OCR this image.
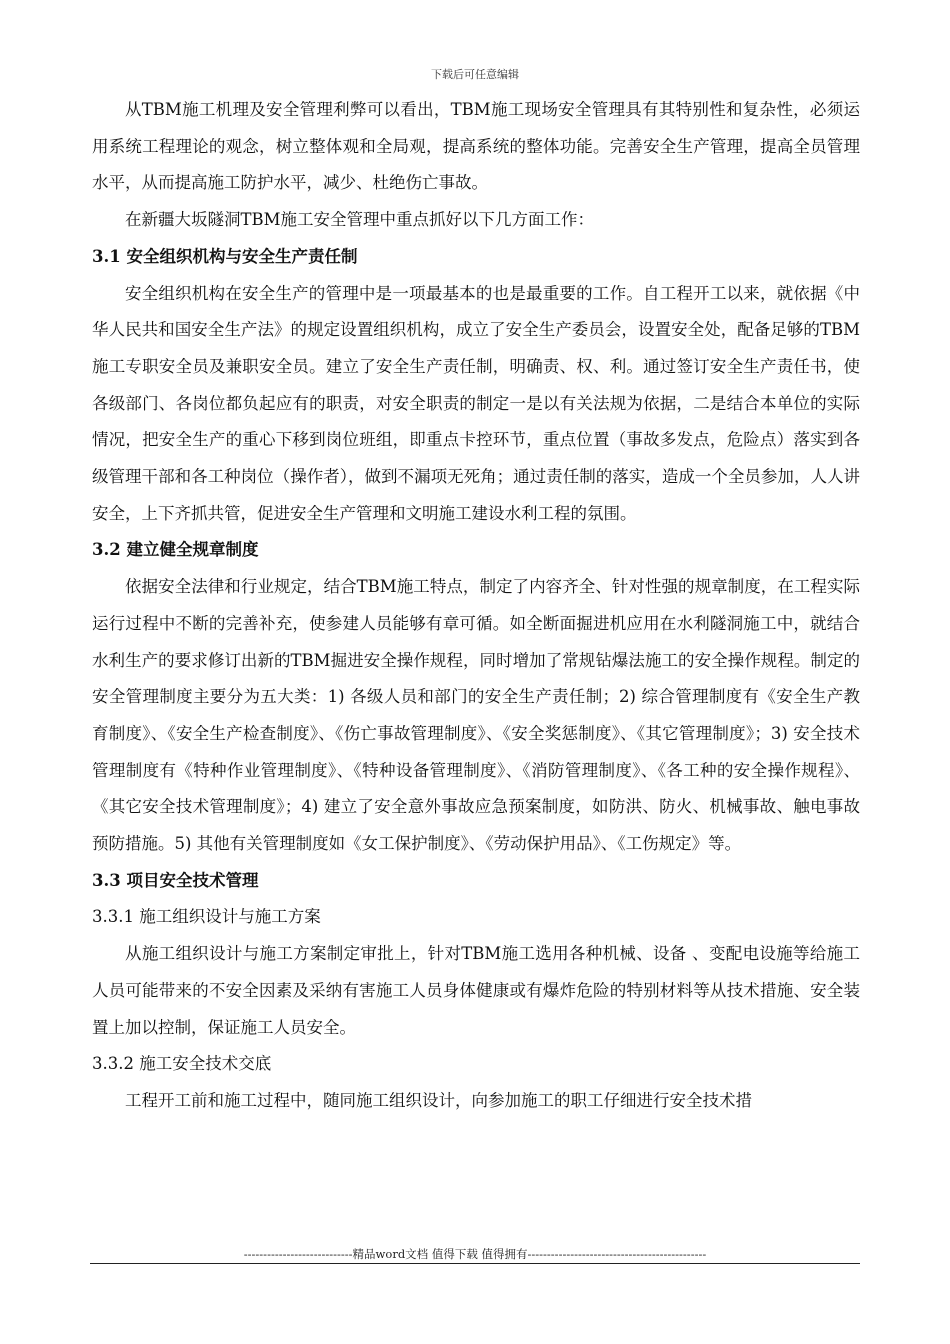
下载后可任意编辑

从TBM施工机理及安全管理利弊可以看出，TBM施工现场安全管理具有其特别性和复杂性，必须运用系统工程理论的观念，树立整体观和全局观，提高系统的整体功能。完善安全生产管理，提高全员管理水平，从而提高施工防护水平，减少、杜绝伤亡事故。

在新疆大坂隧洞TBM施工安全管理中重点抓好以下几方面工作：

3.1 安全组织机构与安全生产责任制

安全组织机构在安全生产的管理中是一项最基本的也是最重要的工作。自工程开工以来，就依据《中华人民共和国安全生产法》的规定设置组织机构，成立了安全生产委员会，设置安全处，配备足够的TBM施工专职安全员及兼职安全员。建立了安全生产责任制，明确责、权、利。通过签订安全生产责任书，使各级部门、各岗位都负起应有的职责，对安全职责的制定一是以有关法规为依据，二是结合本单位的实际情况，把安全生产的重心下移到岗位班组，即重点卡控环节，重点位置（事故多发点，危险点）落实到各级管理干部和各工种岗位（操作者），做到不漏项无死角；通过责任制的落实，造成一个全员参加，人人讲安全，上下齐抓共管，促进安全生产管理和文明施工建设水利工程的氛围。

3.2 建立健全规章制度

依据安全法律和行业规定，结合TBM施工特点，制定了内容齐全、针对性强的规章制度，在工程实际运行过程中不断的完善补充，使参建人员能够有章可循。如全断面掘进机应用在水利隧洞施工中，就结合水利生产的要求修订出新的TBM掘进安全操作规程，同时增加了常规钻爆法施工的安全操作规程。制定的安全管理制度主要分为五大类：1) 各级人员和部门的安全生产责任制；2) 综合管理制度有《安全生产教育制度》、《安全生产检查制度》、《伤亡事故管理制度》、《安全奖惩制度》、《其它管理制度》；3) 安全技术管理制度有《特种作业管理制度》、《特种设备管理制度》、《消防管理制度》、《各工种的安全操作规程》、《其它安全技术管理制度》；4) 建立了安全意外事故应急预案制度，如防洪、防火、机械事故、触电事故预防措施。5) 其他有关管理制度如《女工保护制度》、《劳动保护用品》、《工伤规定》等。

3.3 项目安全技术管理
3.3.1 施工组织设计与施工方案

从施工组织设计与施工方案制定审批上，针对TBM施工选用各种机械、设备 、变配电设施等给施工人员可能带来的不安全因素及采纳有害施工人员身体健康或有爆炸危险的特别材料等从技术措施、安全装置上加以控制，保证施工人员安全。

3.3.2 施工安全技术交底

工程开工前和施工过程中，随同施工组织设计，向参加施工的职工仔细进行安全技术措

----------------------------精品word文档 值得下载 值得拥有----------------------------------------------
